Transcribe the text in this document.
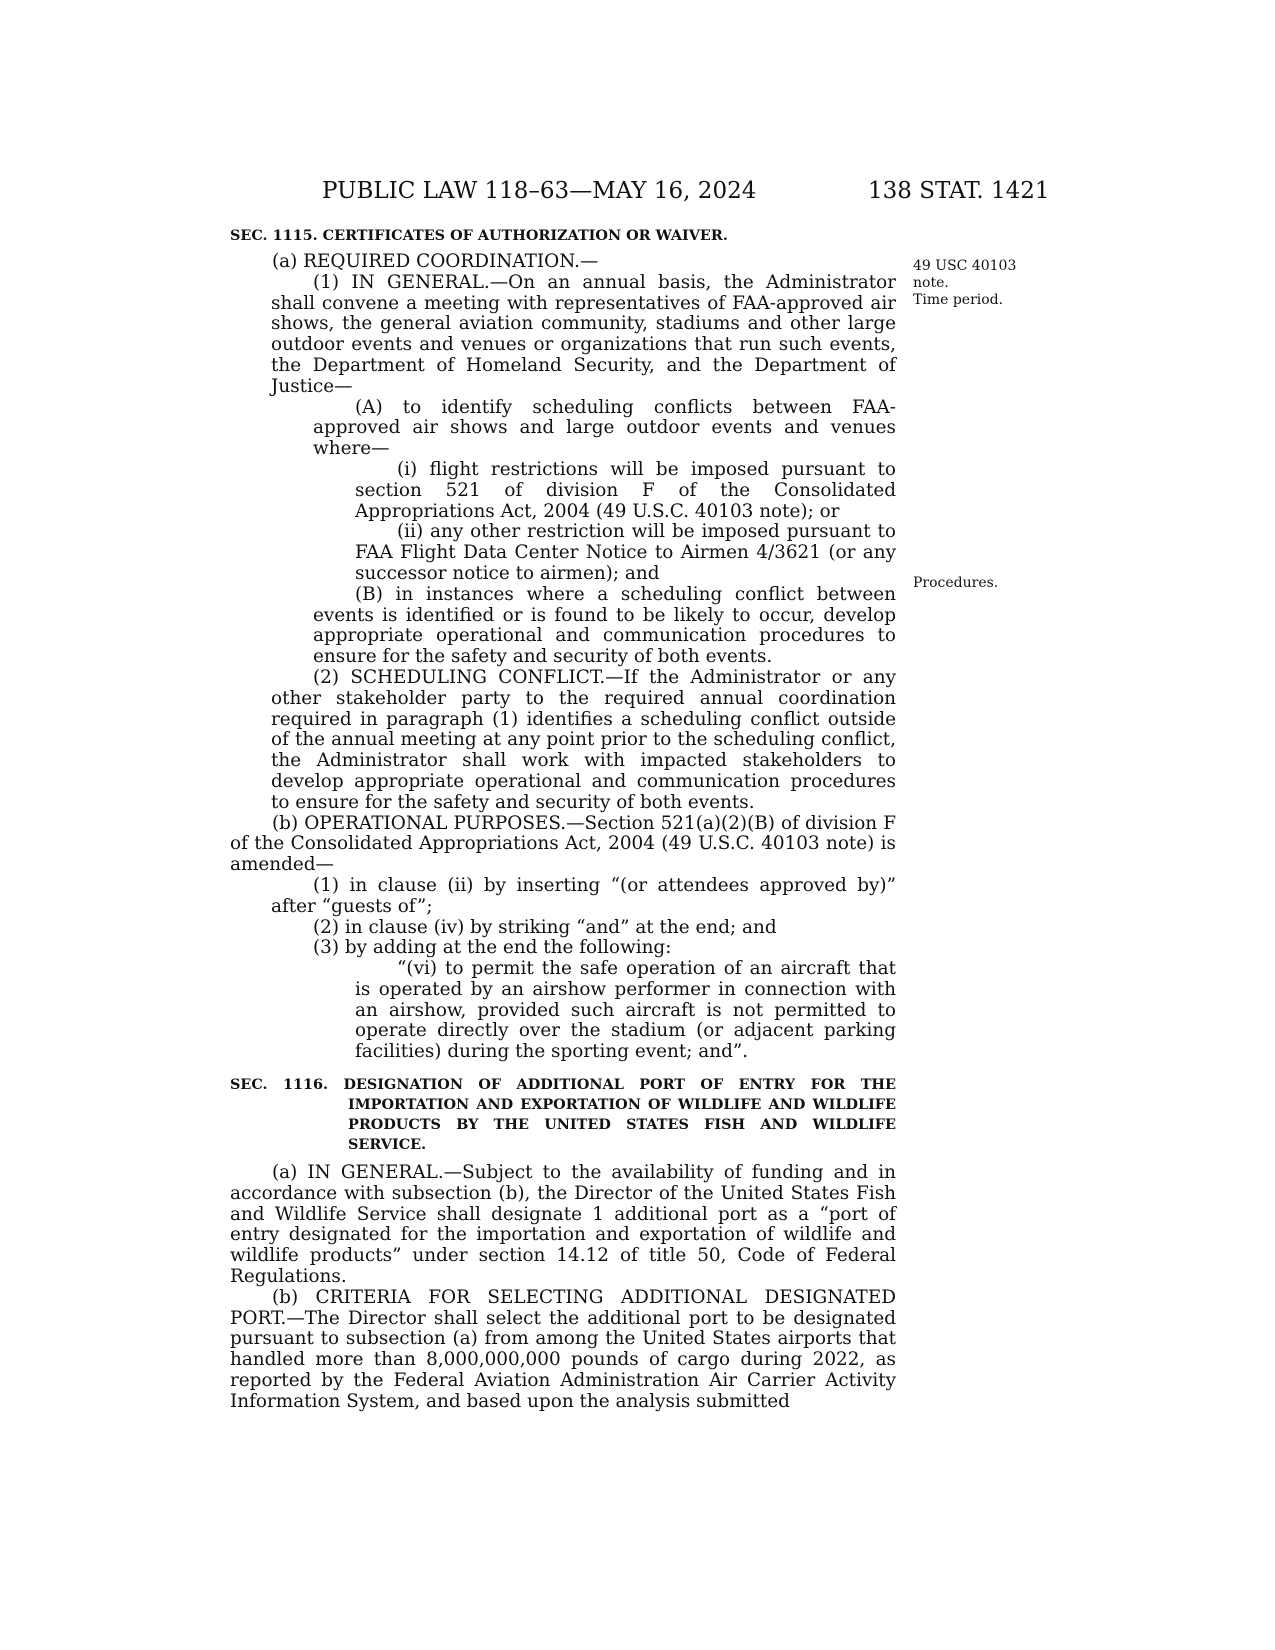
PUBLIC LAW 118–63—MAY 16, 2024	138 STAT. 1421
49 USC 40103
note.
Time period.
Procedures.

SEC. 1115. CERTIFICATES OF AUTHORIZATION OR WAIVER.

(a) REQUIRED COORDINATION.—

(1) IN GENERAL.—On an annual basis, the Administrator shall convene a meeting with representatives of FAA-approved air shows, the general aviation community, stadiums and other large outdoor events and venues or organizations that run such events, the Department of Homeland Security, and the Department of Justice—

(A) to identify scheduling conflicts between FAA-approved air shows and large outdoor events and venues where—

(i) flight restrictions will be imposed pursuant to section 521 of division F of the Consolidated Appropriations Act, 2004 (49 U.S.C. 40103 note); or

(ii) any other restriction will be imposed pursuant to FAA Flight Data Center Notice to Airmen 4/3621 (or any successor notice to airmen); and

(B) in instances where a scheduling conflict between events is identified or is found to be likely to occur, develop appropriate operational and communication procedures to ensure for the safety and security of both events.

(2) SCHEDULING CONFLICT.—If the Administrator or any other stakeholder party to the required annual coordination required in paragraph (1) identifies a scheduling conflict outside of the annual meeting at any point prior to the scheduling conflict, the Administrator shall work with impacted stakeholders to develop appropriate operational and communication procedures to ensure for the safety and security of both events.

(b) OPERATIONAL PURPOSES.—Section 521(a)(2)(B) of division F of the Consolidated Appropriations Act, 2004 (49 U.S.C. 40103 note) is amended—

(1) in clause (ii) by inserting “(or attendees approved by)” after “guests of”;

(2) in clause (iv) by striking “and” at the end; and

(3) by adding at the end the following:

“(vi) to permit the safe operation of an aircraft that is operated by an airshow performer in connection with an airshow, provided such aircraft is not permitted to operate directly over the stadium (or adjacent parking facilities) during the sporting event; and”.

SEC. 1116. DESIGNATION OF ADDITIONAL PORT OF ENTRY FOR THE IMPORTATION AND EXPORTATION OF WILDLIFE AND WILDLIFE PRODUCTS BY THE UNITED STATES FISH AND WILDLIFE SERVICE.

(a) IN GENERAL.—Subject to the availability of funding and in accordance with subsection (b), the Director of the United States Fish and Wildlife Service shall designate 1 additional port as a “port of entry designated for the importation and exportation of wildlife and wildlife products” under section 14.12 of title 50, Code of Federal Regulations.

(b) CRITERIA FOR SELECTING ADDITIONAL DESIGNATED PORT.—The Director shall select the additional port to be designated pursuant to subsection (a) from among the United States airports that handled more than 8,000,000,000 pounds of cargo during 2022, as reported by the Federal Aviation Administration Air Carrier Activity Information System, and based upon the analysis submitted
